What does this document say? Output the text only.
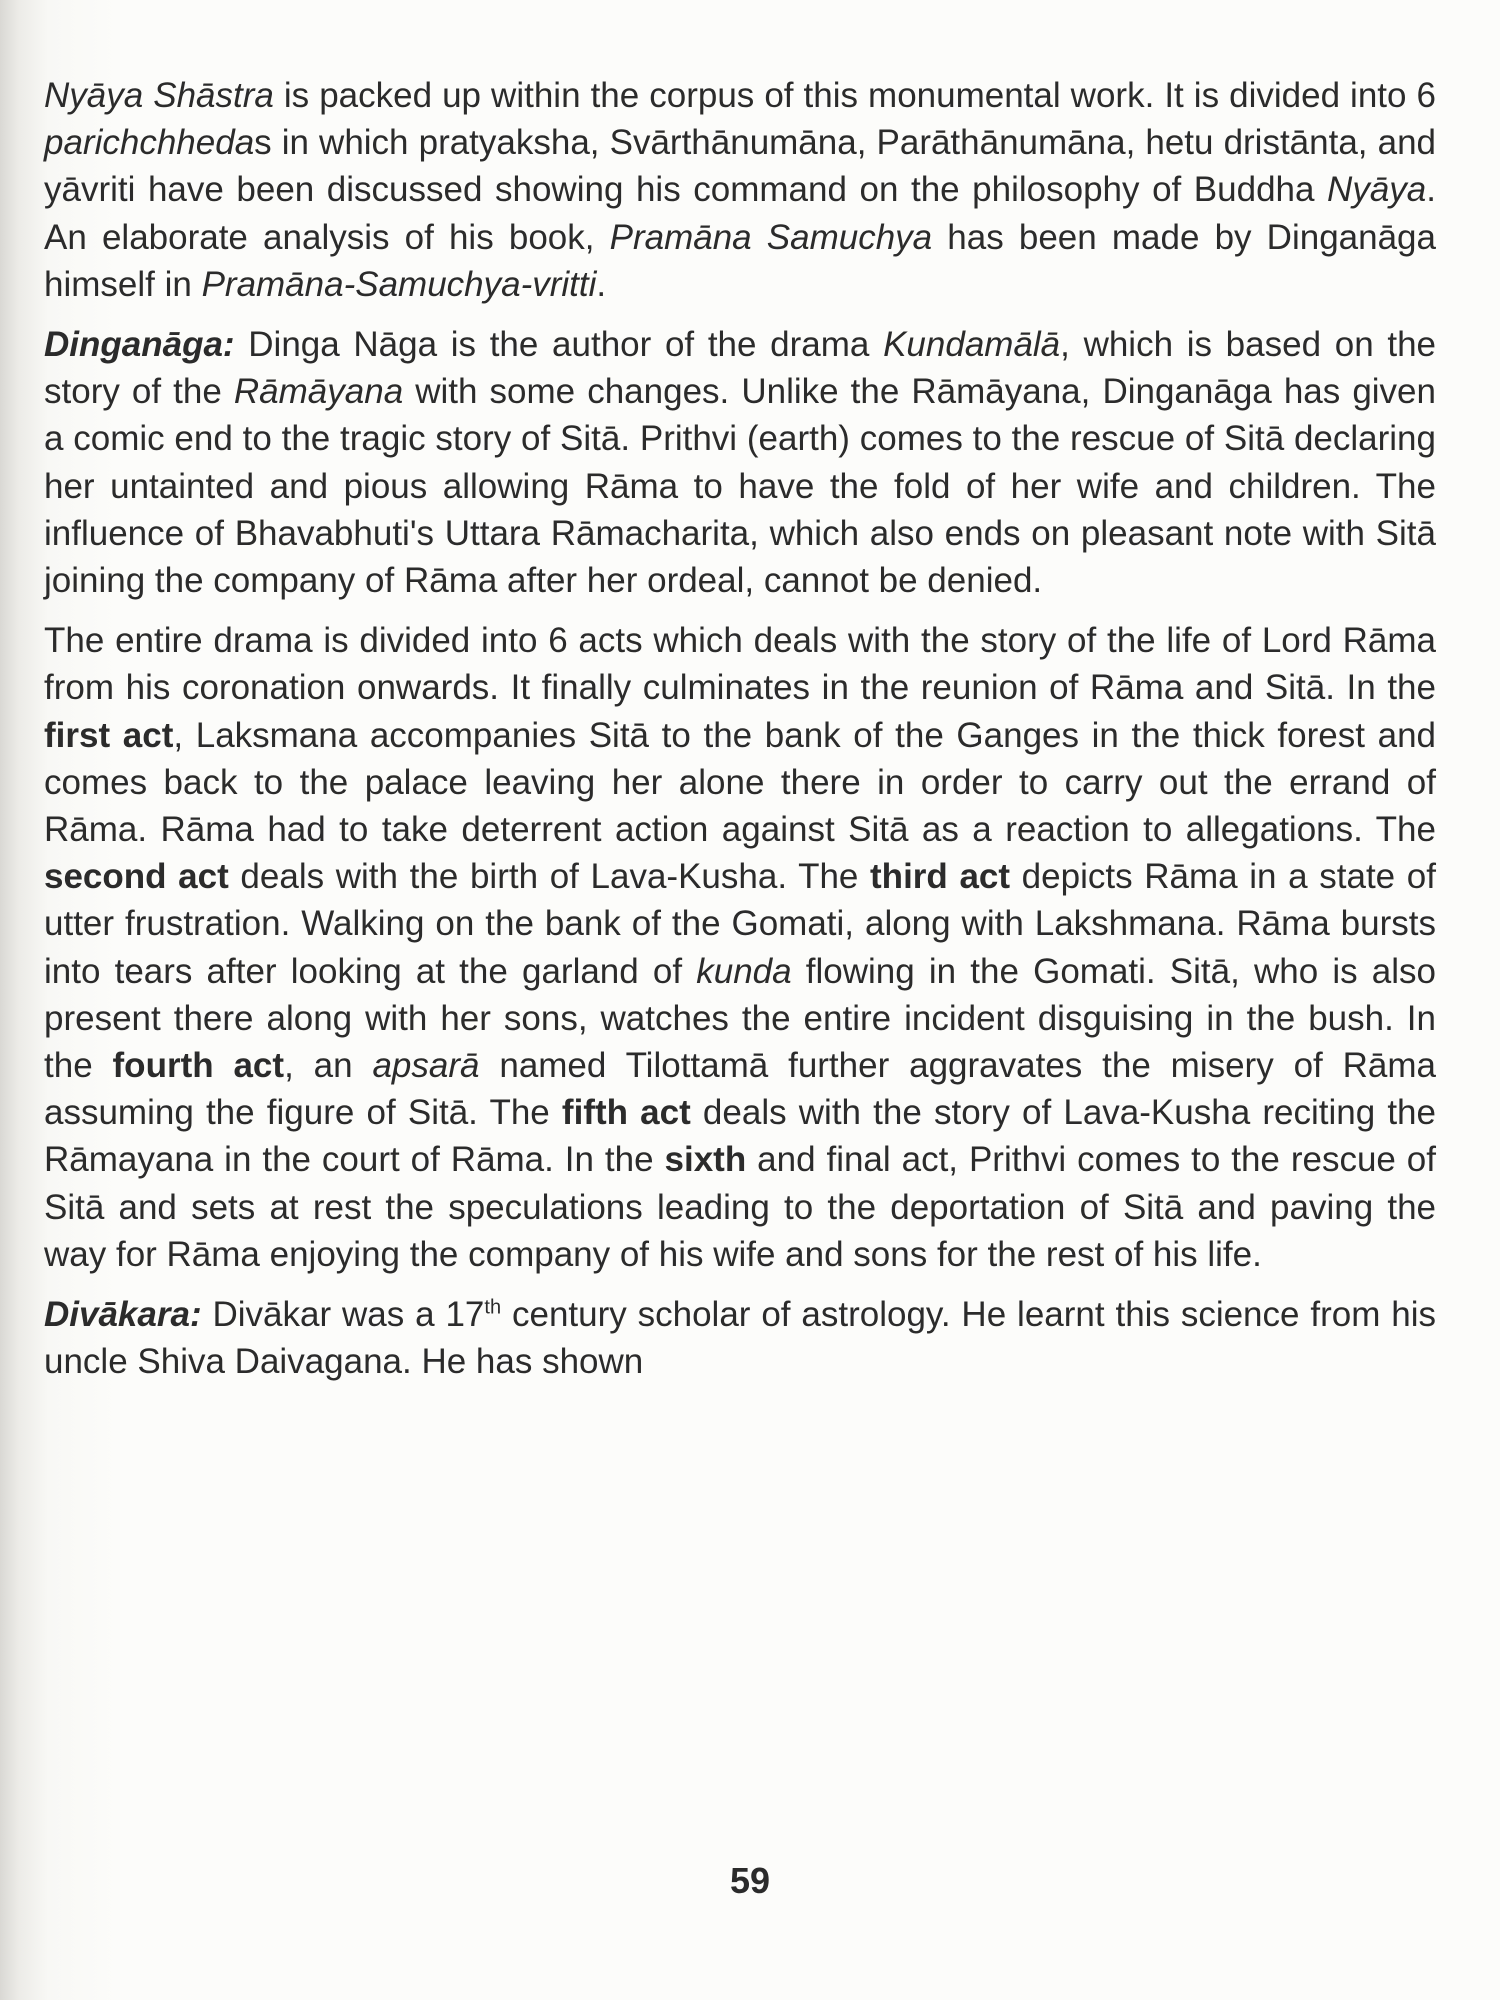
Nyāya Shāstra is packed up within the corpus of this monumental work. It is divided into 6 parichchhedas in which pratyaksha, Svārthānumāna, Parāthānumāna, hetu dristānta, and yāvriti have been discussed showing his command on the philosophy of Buddha Nyāya. An elaborate analysis of his book, Pramāna Samuchya has been made by Dinganāga himself in Pramāna-Samuchya-vritti.

Dinganāga: Dinga Nāga is the author of the drama Kundamālā, which is based on the story of the Rāmāyana with some changes. Unlike the Rāmāyana, Dinganāga has given a comic end to the tragic story of Sitā. Prithvi (earth) comes to the rescue of Sitā declaring her untainted and pious allowing Rāma to have the fold of her wife and children. The influence of Bhavabhuti's Uttara Rāmacharita, which also ends on pleasant note with Sitā joining the company of Rāma after her ordeal, cannot be denied.

The entire drama is divided into 6 acts which deals with the story of the life of Lord Rāma from his coronation onwards. It finally culminates in the reunion of Rāma and Sitā. In the first act, Laksmana accompanies Sitā to the bank of the Ganges in the thick forest and comes back to the palace leaving her alone there in order to carry out the errand of Rāma. Rāma had to take deterrent action against Sitā as a reaction to allegations. The second act deals with the birth of Lava-Kusha. The third act depicts Rāma in a state of utter frustration. Walking on the bank of the Gomati, along with Lakshmana. Rāma bursts into tears after looking at the garland of kunda flowing in the Gomati. Sitā, who is also present there along with her sons, watches the entire incident disguising in the bush. In the fourth act, an apsarā named Tilottamā further aggravates the misery of Rāma assuming the figure of Sitā. The fifth act deals with the story of Lava-Kusha reciting the Rāmayana in the court of Rāma. In the sixth and final act, Prithvi comes to the rescue of Sitā and sets at rest the speculations leading to the deportation of Sitā and paving the way for Rāma enjoying the company of his wife and sons for the rest of his life.

Divākara: Divākar was a 17th century scholar of astrology. He learnt this science from his uncle Shiva Daivagana. He has shown

59
